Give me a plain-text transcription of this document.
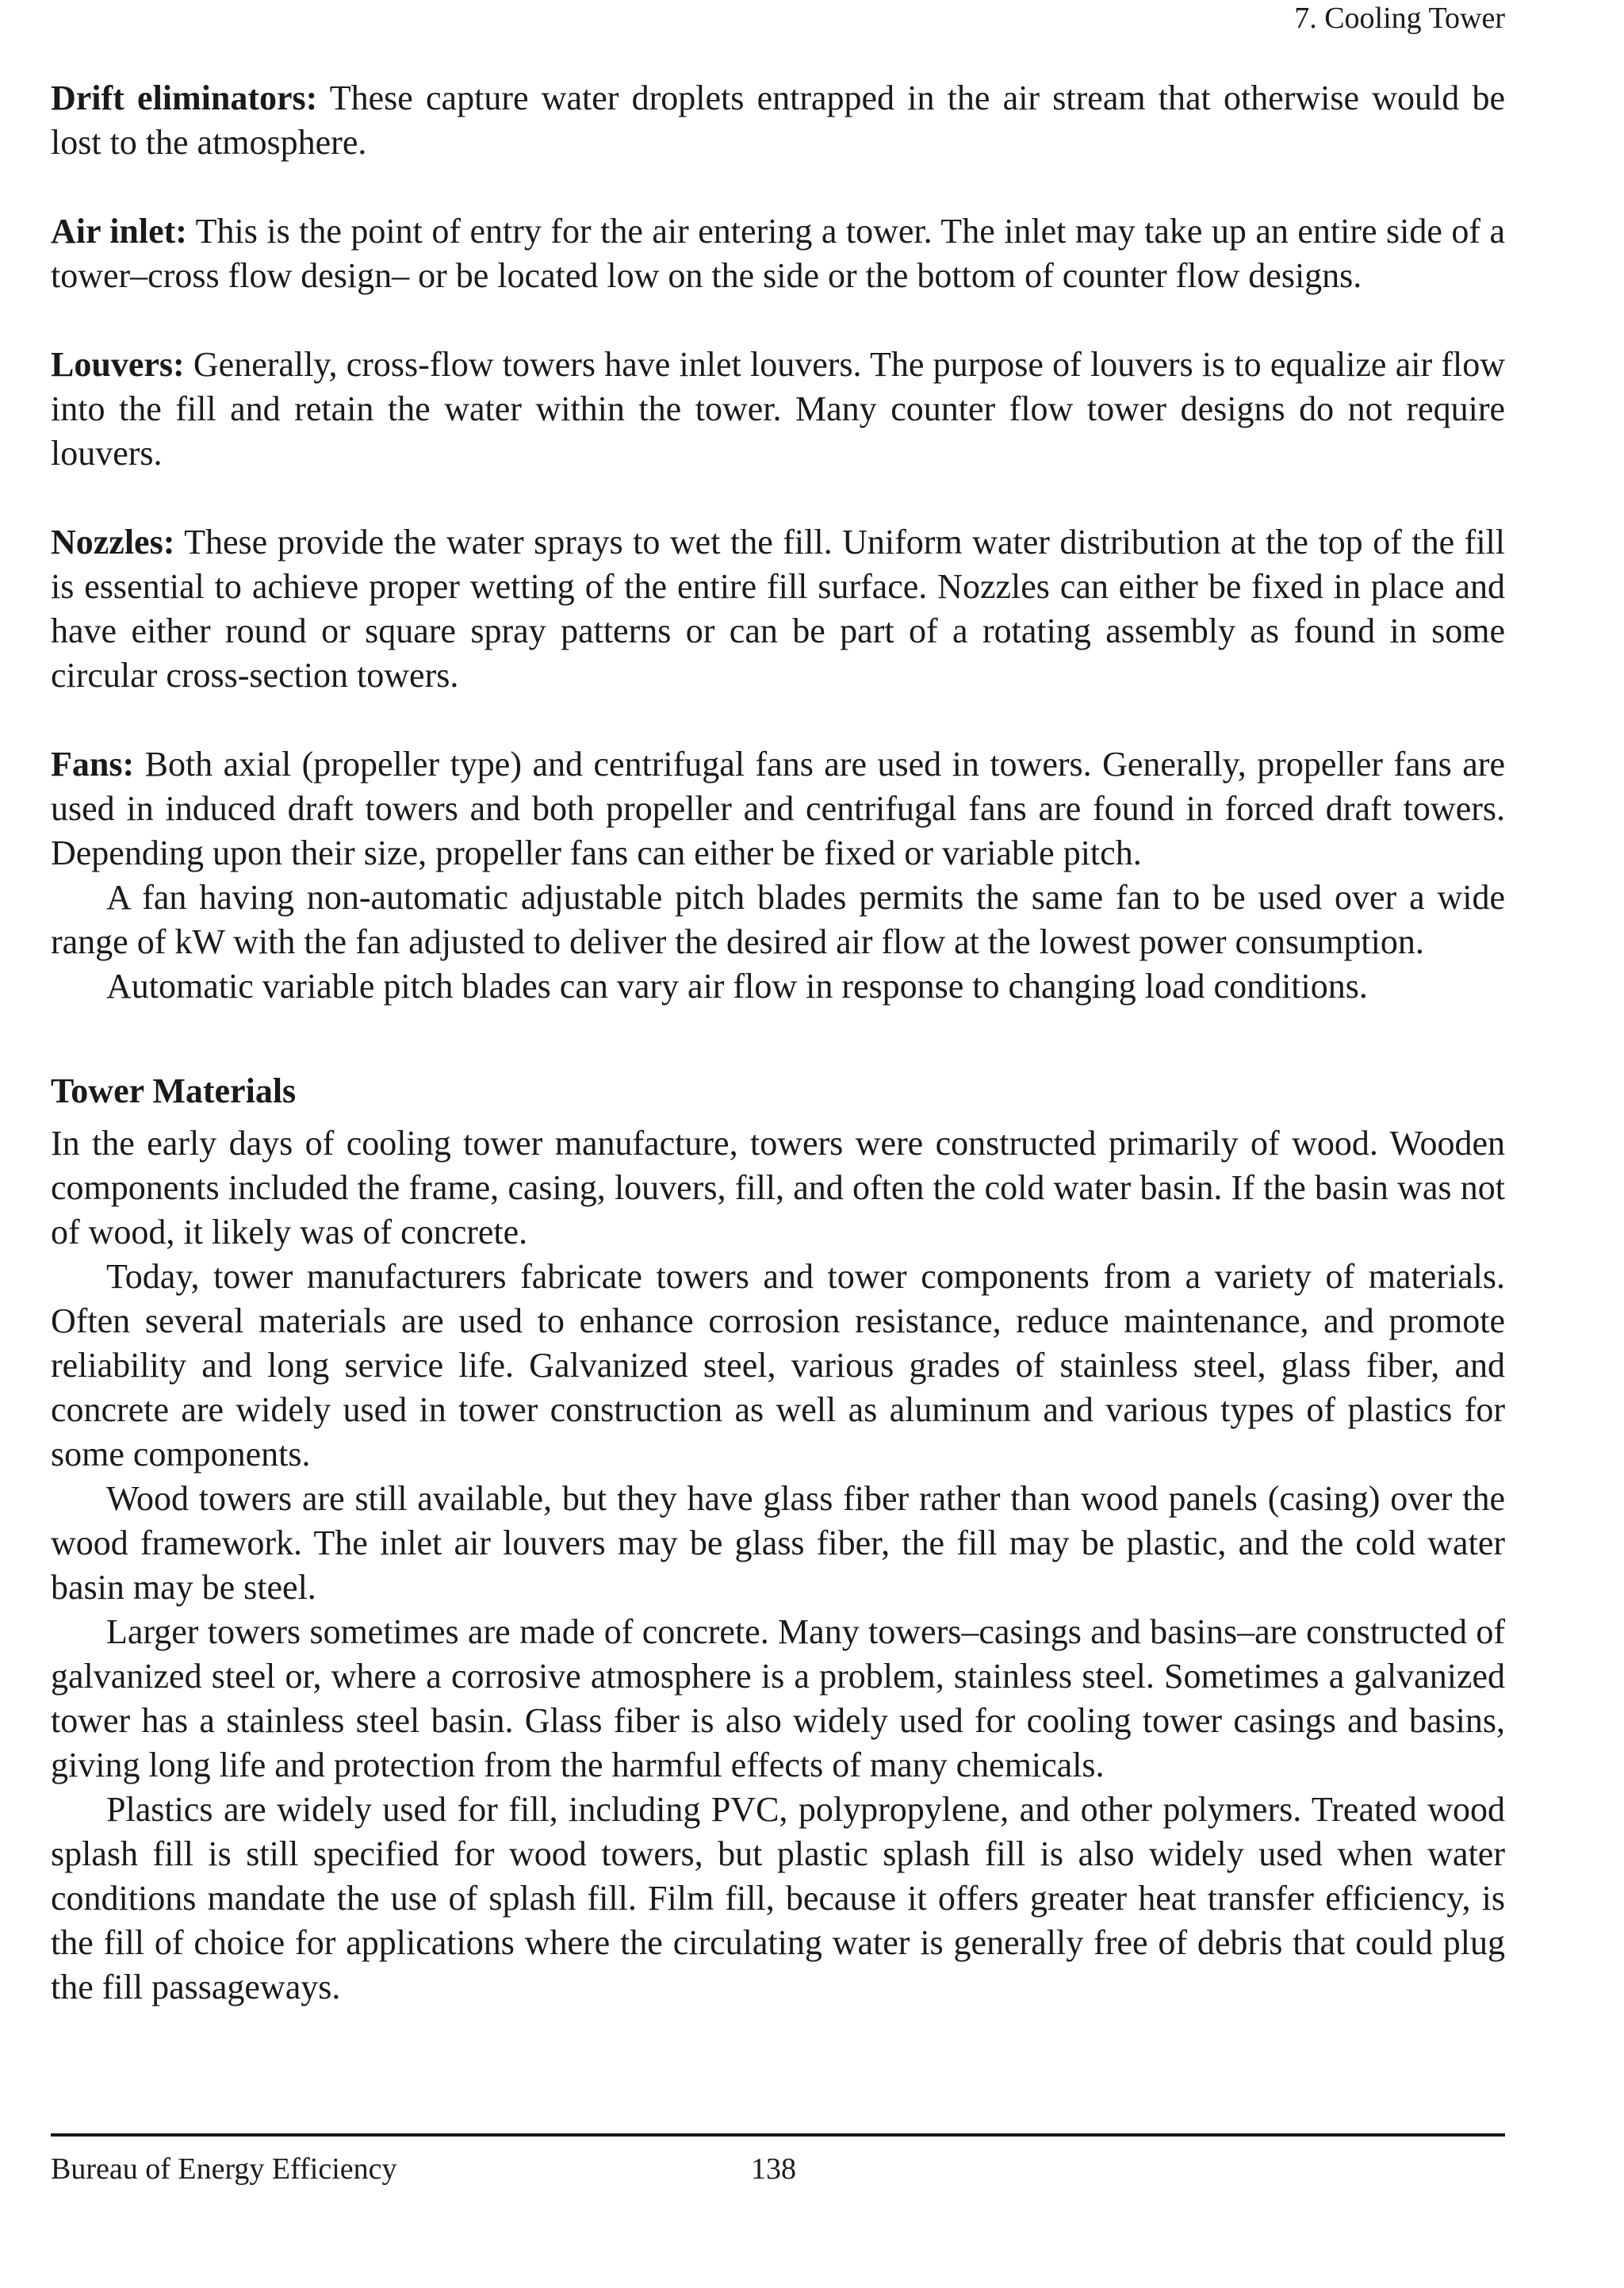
7. Cooling Tower

Drift eliminators: These capture water droplets entrapped in the air stream that otherwise would be lost to the atmosphere.

Air inlet: This is the point of entry for the air entering a tower. The inlet may take up an entire side of a tower–cross flow design– or be located low on the side or the bottom of counter flow designs.

Louvers: Generally, cross-flow towers have inlet louvers. The purpose of louvers is to equalize air flow into the fill and retain the water within the tower. Many counter flow tower designs do not require louvers.

Nozzles: These provide the water sprays to wet the fill. Uniform water distribution at the top of the fill is essential to achieve proper wetting of the entire fill surface. Nozzles can either be fixed in place and have either round or square spray patterns or can be part of a rotating assembly as found in some circular cross-section towers.

Fans: Both axial (propeller type) and centrifugal fans are used in towers. Generally, propeller fans are used in induced draft towers and both propeller and centrifugal fans are found in forced draft towers. Depending upon their size, propeller fans can either be fixed or variable pitch.

A fan having non-automatic adjustable pitch blades permits the same fan to be used over a wide range of kW with the fan adjusted to deliver the desired air flow at the lowest power consumption.

Automatic variable pitch blades can vary air flow in response to changing load conditions.

Tower Materials

In the early days of cooling tower manufacture, towers were constructed primarily of wood. Wooden components included the frame, casing, louvers, fill, and often the cold water basin. If the basin was not of wood, it likely was of concrete.

Today, tower manufacturers fabricate towers and tower components from a variety of materials. Often several materials are used to enhance corrosion resistance, reduce maintenance, and promote reliability and long service life. Galvanized steel, various grades of stainless steel, glass fiber, and concrete are widely used in tower construction as well as aluminum and various types of plastics for some components.

Wood towers are still available, but they have glass fiber rather than wood panels (casing) over the wood framework. The inlet air louvers may be glass fiber, the fill may be plastic, and the cold water basin may be steel.

Larger towers sometimes are made of concrete. Many towers–casings and basins–are constructed of galvanized steel or, where a corrosive atmosphere is a problem, stainless steel. Sometimes a galvanized tower has a stainless steel basin. Glass fiber is also widely used for cooling tower casings and basins, giving long life and protection from the harmful effects of many chemicals.

Plastics are widely used for fill, including PVC, polypropylene, and other polymers. Treated wood splash fill is still specified for wood towers, but plastic splash fill is also widely used when water conditions mandate the use of splash fill. Film fill, because it offers greater heat transfer efficiency, is the fill of choice for applications where the circulating water is generally free of debris that could plug the fill passageways.

Bureau of Energy Efficiency	138
